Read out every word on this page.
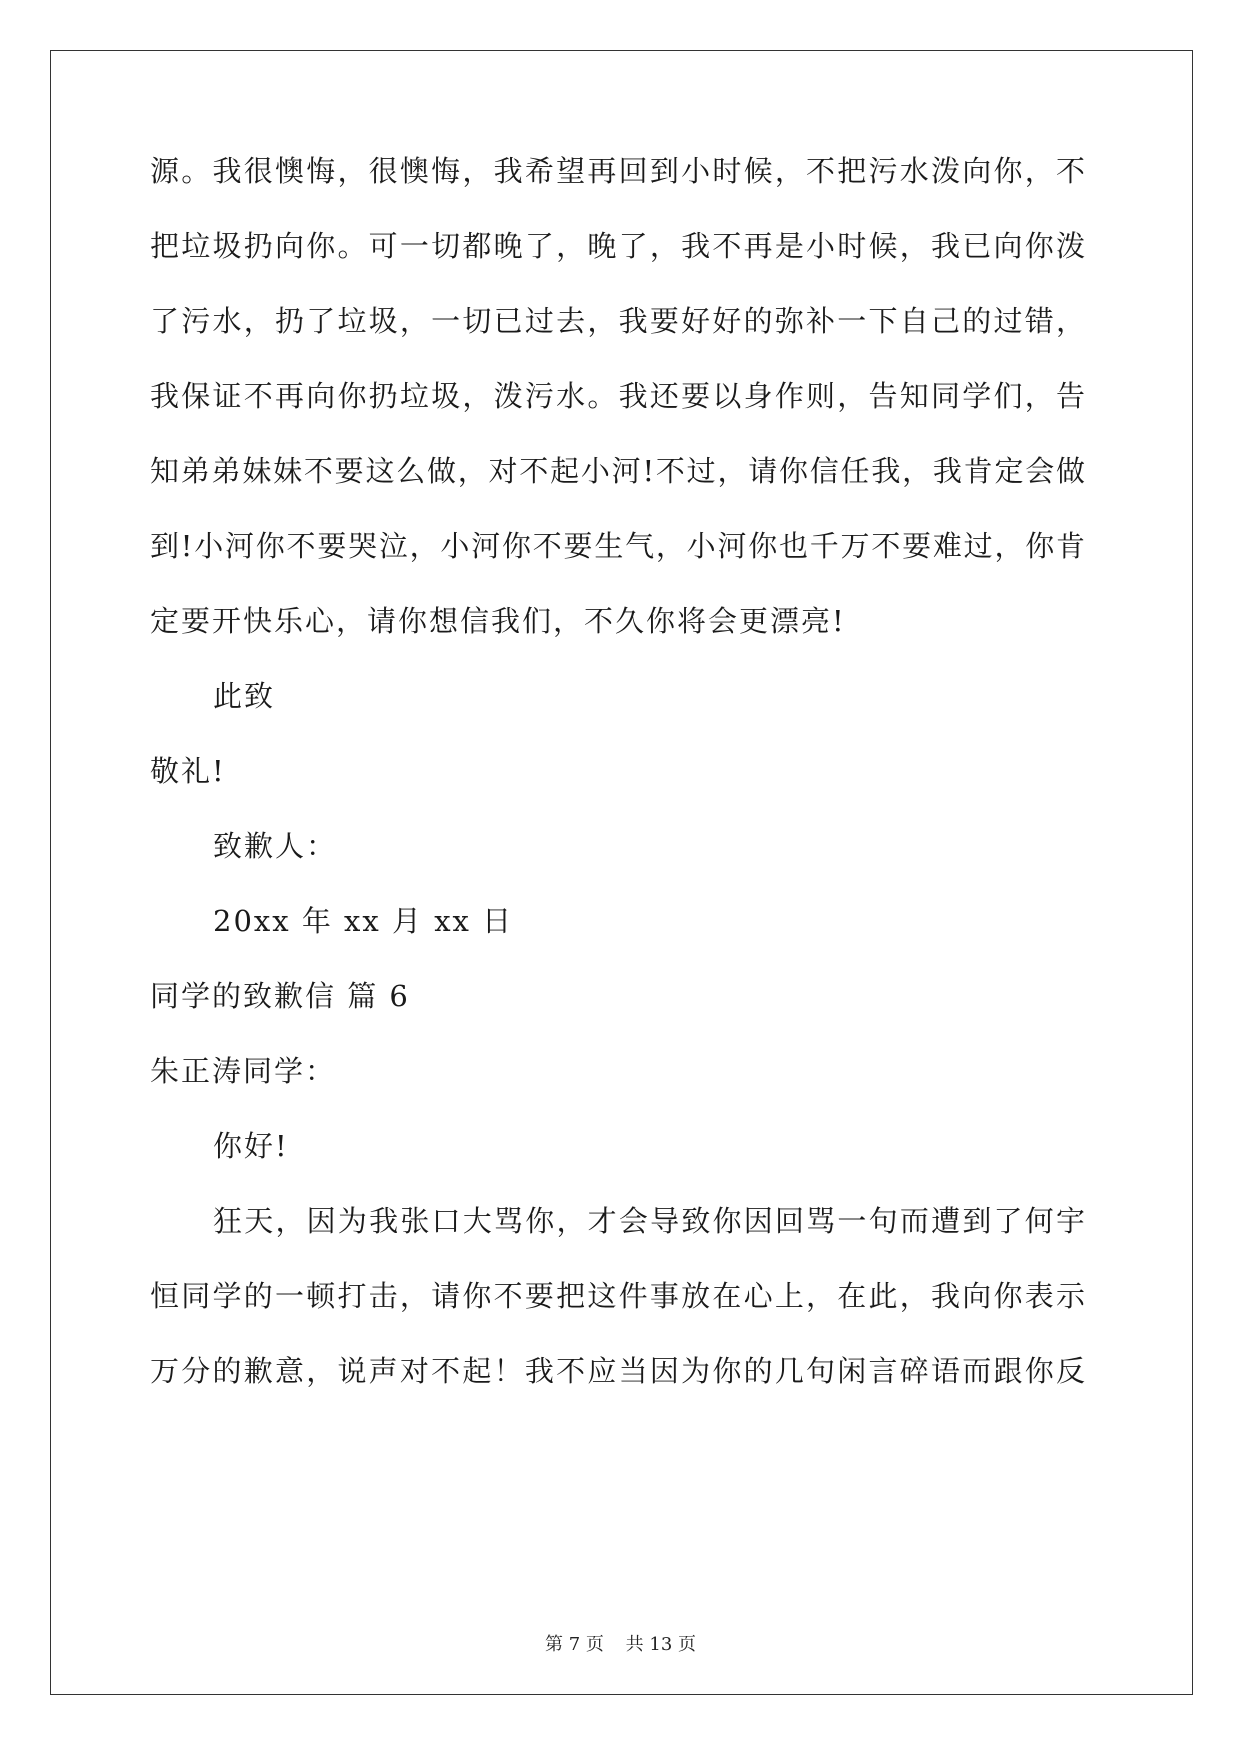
源。我很懊悔，很懊悔，我希望再回到小时候，不把污水泼向你，不
把垃圾扔向你。可一切都晚了，晚了，我不再是小时候，我已向你泼
了污水，扔了垃圾，一切已过去，我要好好的弥补一下自己的过错，
我保证不再向你扔垃圾，泼污水。我还要以身作则，告知同学们，告
知弟弟妹妹不要这么做，对不起小河!不过，请你信任我，我肯定会做
到!小河你不要哭泣，小河你不要生气，小河你也千万不要难过，你肯
定要开快乐心，请你想信我们，不久你将会更漂亮!
此致
敬礼!
致歉人：
20xx 年 xx 月 xx 日
同学的致歉信 篇 6
朱正涛同学：
你好!
狂天，因为我张口大骂你，才会导致你因回骂一句而遭到了何宇
恒同学的一顿打击，请你不要把这件事放在心上，在此，我向你表示
万分的歉意，说声对不起！我不应当因为你的几句闲言碎语而跟你反
第 7 页 共 13 页
